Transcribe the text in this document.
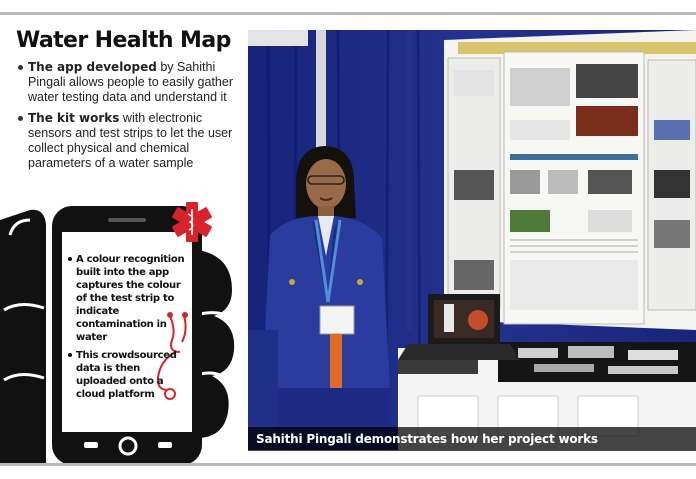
Water Health Map
The app developed by Sahithi Pingali allows people to easily gather water testing data and understand it
The kit works with electronic sensors and test strips to let the user collect physical and chemical parameters of a water sample
A colour recognition built into the app captures the colour of the test strip to indicate contamination in water
This crowdsourced data is then uploaded onto a cloud platform
Sahithi Pingali demonstrates how her project works
